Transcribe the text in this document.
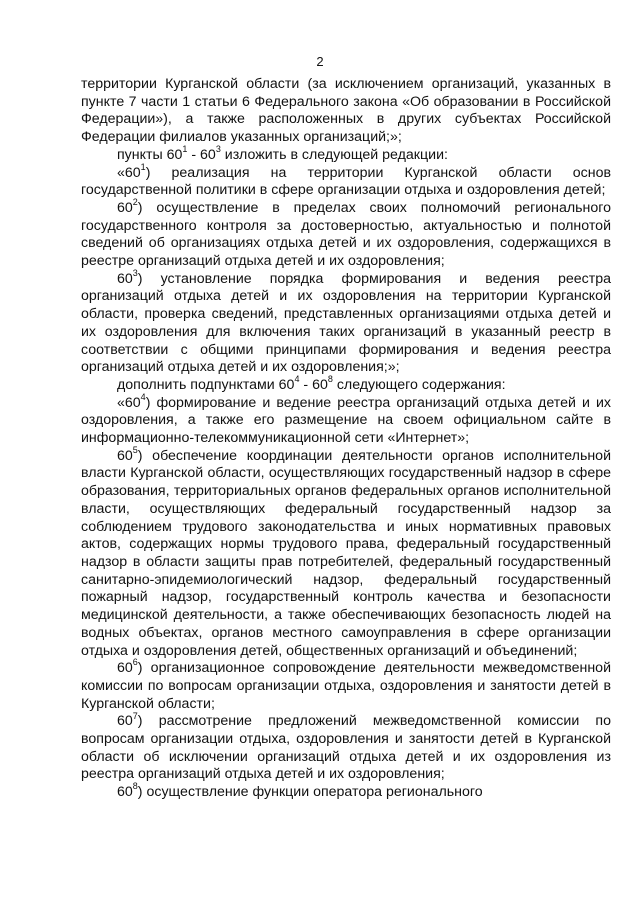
2

территории Курганской области (за исключением организаций, указанных в пункте 7 части 1 статьи 6 Федерального закона «Об образовании в Российской Федерации»), а также расположенных в других субъектах Российской Федерации филиалов указанных организаций;»;

пункты $60^1 - 60^3$ изложить в следующей редакции:

«$60^1$) реализация на территории Курганской области основ государственной политики в сфере организации отдыха и оздоровления детей;

$60^2$) осуществление в пределах своих полномочий регионального государственного контроля за достоверностью, актуальностью и полнотой сведений об организациях отдыха детей и их оздоровления, содержащихся в реестре организаций отдыха детей и их оздоровления;

$60^3$) установление порядка формирования и ведения реестра организаций отдыха детей и их оздоровления на территории Курганской области, проверка сведений, представленных организациями отдыха детей и их оздоровления для включения таких организаций в указанный реестр в соответствии с общими принципами формирования и ведения реестра организаций отдыха детей и их оздоровления;»;

дополнить подпунктами $60^4 - 60^8$ следующего содержания:

«$60^4$) формирование и ведение реестра организаций отдыха детей и их оздоровления, а также его размещение на своем официальном сайте в информационно-телекоммуникационной сети «Интернет»;

$60^5$) обеспечение координации деятельности органов исполнительной власти Курганской области, осуществляющих государственный надзор в сфере образования, территориальных органов федеральных органов исполнительной власти, осуществляющих федеральный государственный надзор за соблюдением трудового законодательства и иных нормативных правовых актов, содержащих нормы трудового права, федеральный государственный надзор в области защиты прав потребителей, федеральный государственный санитарно-эпидемиологический надзор, федеральный государственный пожарный надзор, государственный контроль качества и безопасности медицинской деятельности, а также обеспечивающих безопасность людей на водных объектах, органов местного самоуправления в сфере организации отдыха и оздоровления детей, общественных организаций и объединений;

$60^6$) организационное сопровождение деятельности межведомственной комиссии по вопросам организации отдыха, оздоровления и занятости детей в Курганской области;

$60^7$) рассмотрение предложений межведомственной комиссии по вопросам организации отдыха, оздоровления и занятости детей в Курганской области об исключении организаций отдыха детей и их оздоровления из реестра организаций отдыха детей и их оздоровления;

$60^8$) осуществление функции оператора регионального
